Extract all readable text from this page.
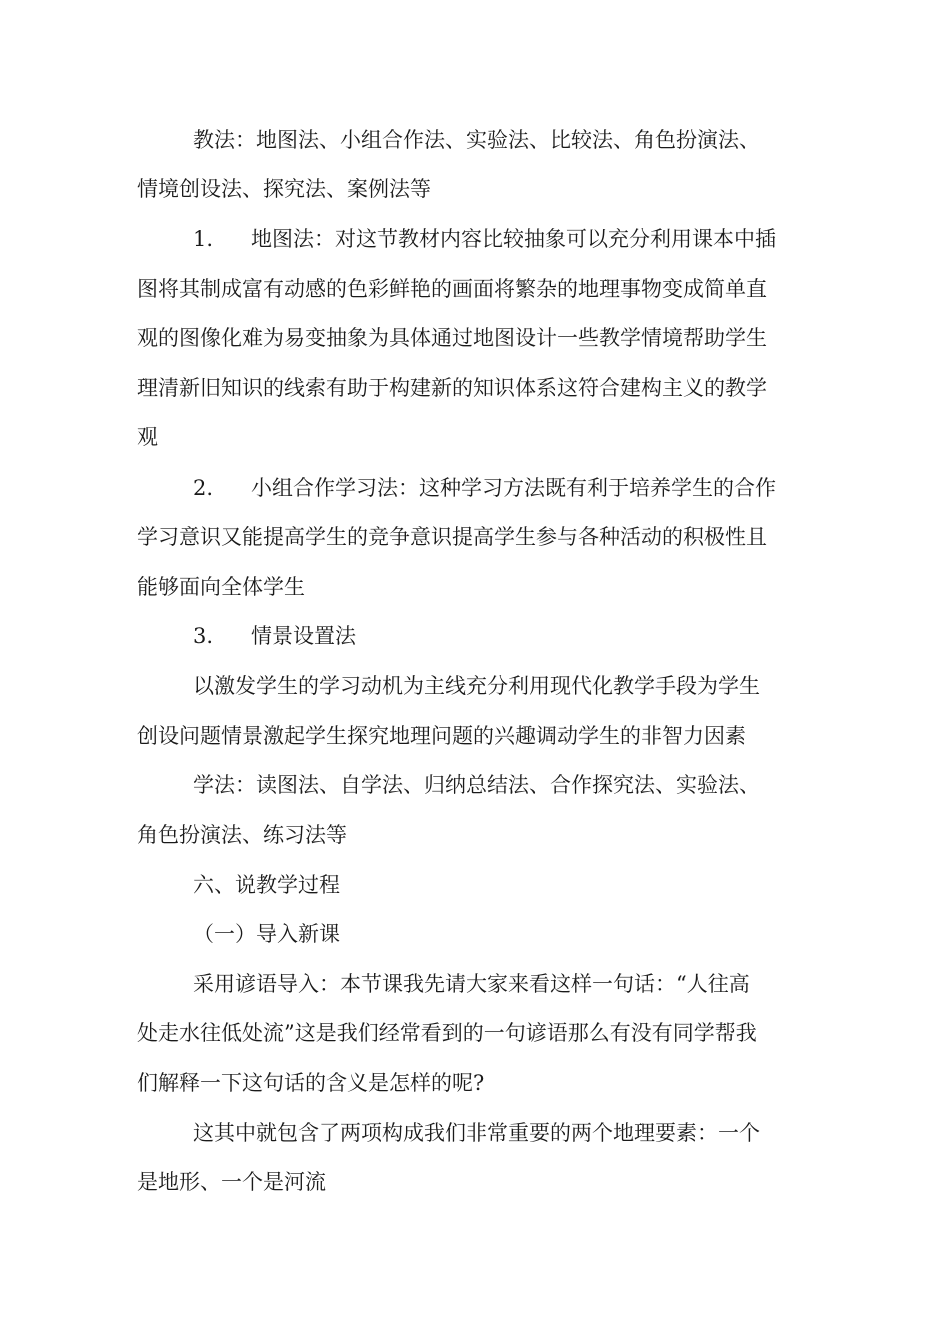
教法：地图法、小组合作法、实验法、比较法、角色扮演法、
情境创设法、探究法、案例法等
1. 地图法：对这节教材内容比较抽象可以充分利用课本中插
图将其制成富有动感的色彩鲜艳的画面将繁杂的地理事物变成简单直
观的图像化难为易变抽象为具体通过地图设计一些教学情境帮助学生
理清新旧知识的线索有助于构建新的知识体系这符合建构主义的教学
观
2. 小组合作学习法：这种学习方法既有利于培养学生的合作
学习意识又能提高学生的竞争意识提高学生参与各种活动的积极性且
能够面向全体学生
3. 情景设置法
以激发学生的学习动机为主线充分利用现代化教学手段为学生
创设问题情景激起学生探究地理问题的兴趣调动学生的非智力因素
学法：读图法、自学法、归纳总结法、合作探究法、实验法、
角色扮演法、练习法等
六、说教学过程
（一）导入新课
采用谚语导入：本节课我先请大家来看这样一句话：“人往高
处走水往低处流”这是我们经常看到的一句谚语那么有没有同学帮我
们解释一下这句话的含义是怎样的呢?
这其中就包含了两项构成我们非常重要的两个地理要素：一个
是地形、一个是河流
